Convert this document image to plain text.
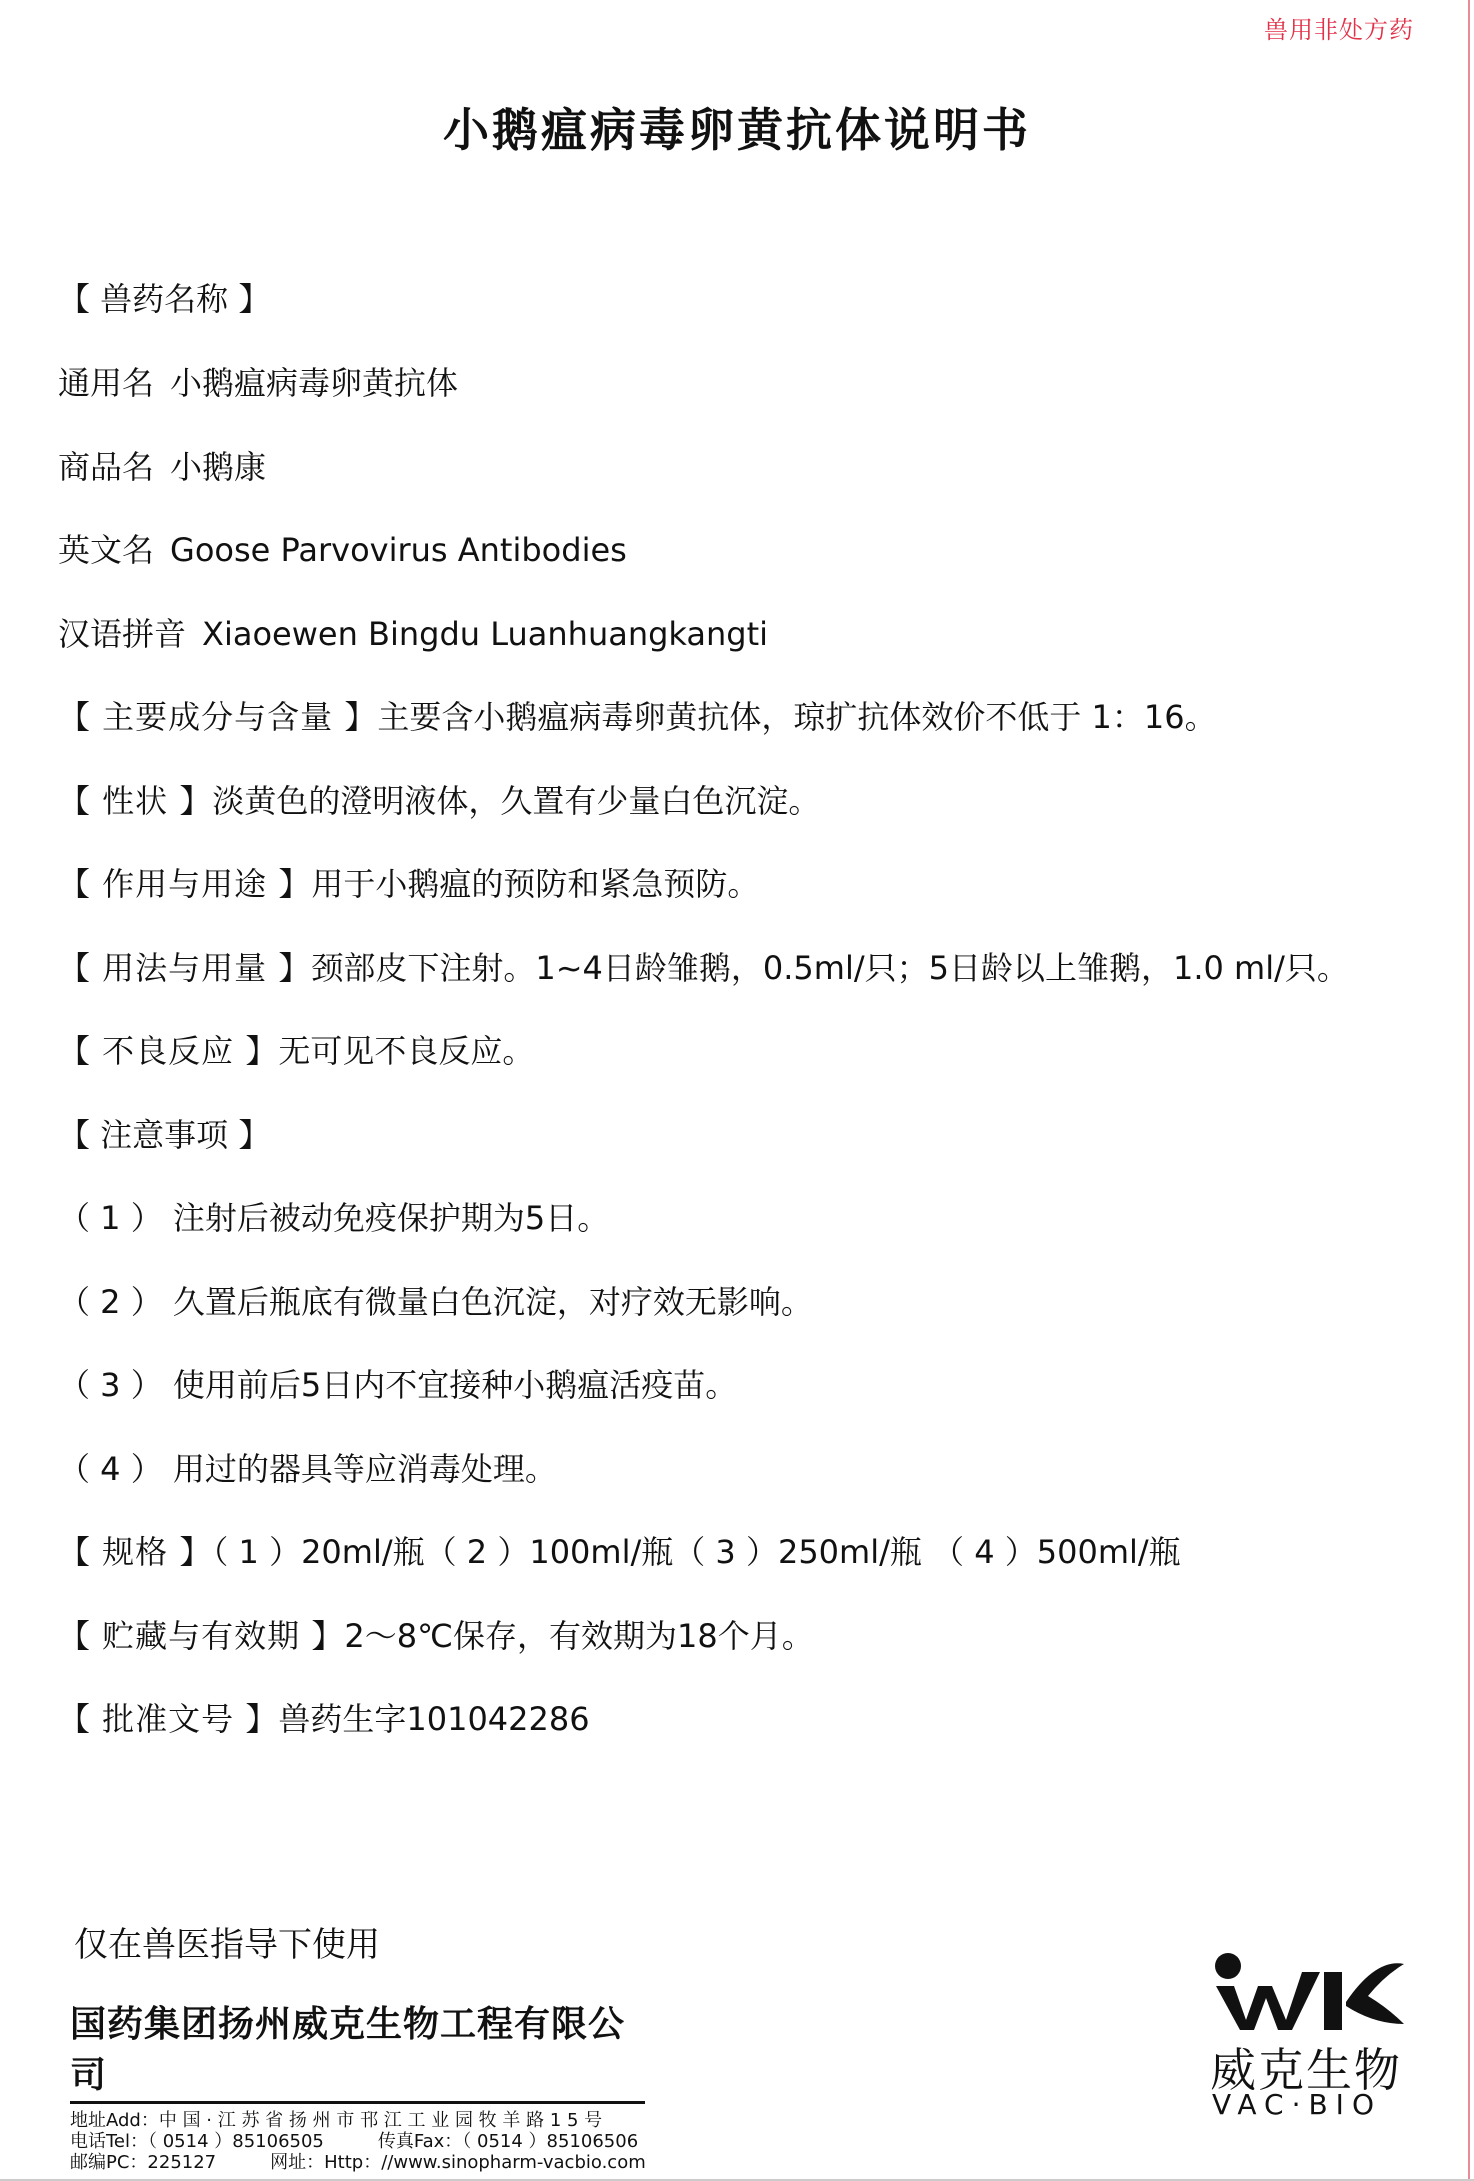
兽用非处方药
小鹅瘟病毒卵黄抗体说明书
【 兽药名称 】
通用名 小鹅瘟病毒卵黄抗体
商品名 小鹅康
英文名 Goose Parvovirus Antibodies
汉语拼音 Xiaoewen Bingdu Luanhuangkangti
【 主要成分与含量 】主要含小鹅瘟病毒卵黄抗体，琼扩抗体效价不低于 1：16。
【 性状 】淡黄色的澄明液体，久置有少量白色沉淀。
【 作用与用途 】用于小鹅瘟的预防和紧急预防。
【 用法与用量 】颈部皮下注射。1~4日龄雏鹅，0.5ml/只；5日龄以上雏鹅，1.0 ml/只。
【 不良反应 】无可见不良反应。
【 注意事项 】
（ 1 ） 注射后被动免疫保护期为5日。
（ 2 ） 久置后瓶底有微量白色沉淀，对疗效无影响。
（ 3 ） 使用前后5日内不宜接种小鹅瘟活疫苗。
（ 4 ） 用过的器具等应消毒处理。
【 规格 】（ 1 ）20ml/瓶（ 2 ）100ml/瓶（ 3 ）250ml/瓶 （ 4 ）500ml/瓶
【 贮藏与有效期 】2～8℃保存，有效期为18个月。
【 批准文号 】兽药生字101042286
仅在兽医指导下使用
国药集团扬州威克生物工程有限公司
地址Add：中 国 · 江 苏 省 扬 州 市 邗 江 工 业 园 牧 羊 路 1 5 号
电话Tel：（ 0514 ）85106505	传真Fax：（ 0514 ）85106506
邮编PC：225127	网址：Http：//www.sinopharm-vacbio.com
威克生物
VAC·BIO
